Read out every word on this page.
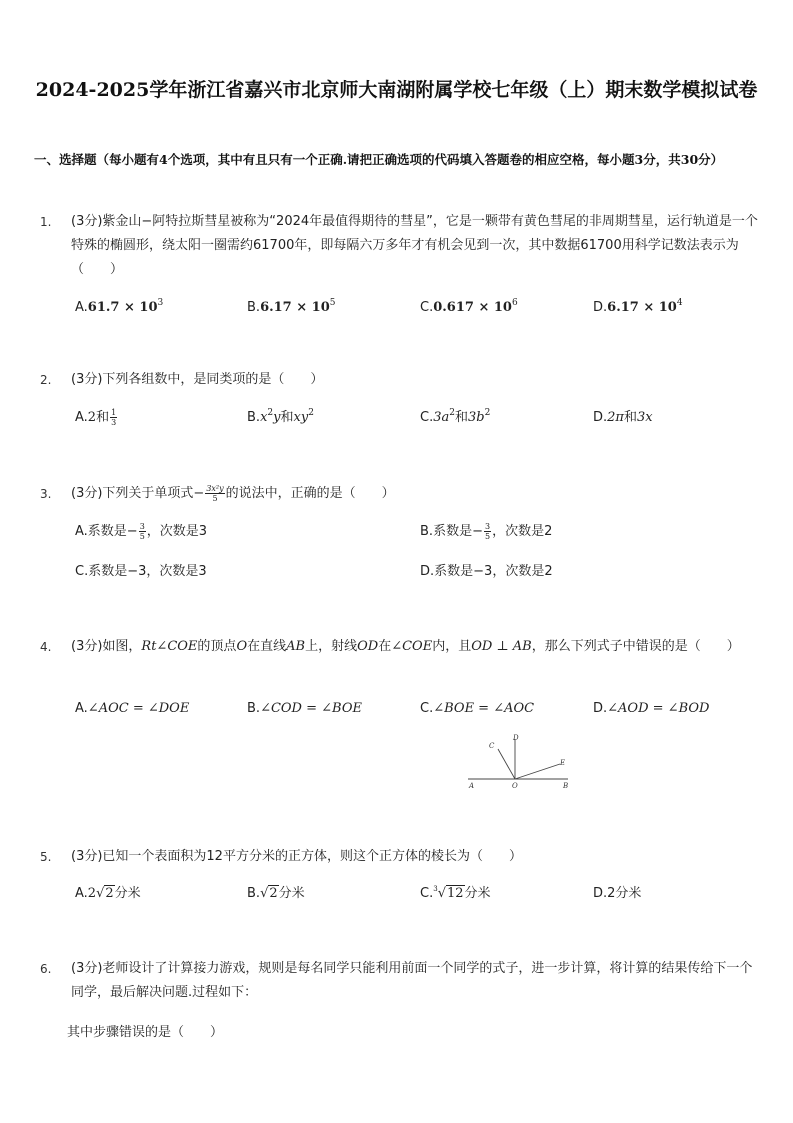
2024-2025学年浙江省嘉兴市北京师大南湖附属学校七年级（上）期末数学模拟试卷
一、选择题（每小题有4个选项，其中有且只有一个正确.请把正确选项的代码填入答题卷的相应空格，每小题3分，共30分）
1.	(3分)紫金山−阿特拉斯彗星被称为“2024年最值得期待的彗星”，它是一颗带有黄色彗尾的非周期彗星，运行轨道是一个特殊的椭圆形，绕太阳一圈需约61700年，即每隔六万多年才有机会见到一次，其中数据61700用科学记数法表示为（　　）
$A.61.7 \times 10^3$	$B.6.17 \times 10^5$	$C.0.617 \times 10^6$	$D.6.17 \times 10^4$
2.	(3分)下列各组数中，是同类项的是（　　）
A.2和 $\frac{1}{3}$	$B.x^2y$和$xy^2$	$C.3a^2$和$3b^2$	D.2π和3x
3.	(3分)下列关于单项式− $\frac{\text{3x²y}}{5}$ 的说法中，正确的是（　　）
A.系数是− $\frac{3}{5}$ ，次数是3	B.系数是− $\frac{3}{5}$ ，次数是2
C.系数是−3，次数是3	D.系数是−3，次数是2
4.	(3分)如图，Rt∠COE的顶点O在直线AB上，射线OD在∠COE内，且OD ⊥ AB，那么下列式子中错误的是（　　）
A.∠AOC = ∠DOE	B.∠COD = ∠BOE	C.∠BOE = ∠AOC	D.∠AOD = ∠BOD
A	O	B
C
D
E
5.	(3分)已知一个表面积为12平方分米的正方体，则这个正方体的棱长为（　　）
A.2√2分米	B.√2分米	C.$^3$√12分米	D.2分米
6.	(3分)老师设计了计算接力游戏，规则是每名同学只能利用前面一个同学的式子，进一步计算，将计算的结果传给下一个同学，最后解决问题.过程如下：
其中步骤错误的是（　　）
